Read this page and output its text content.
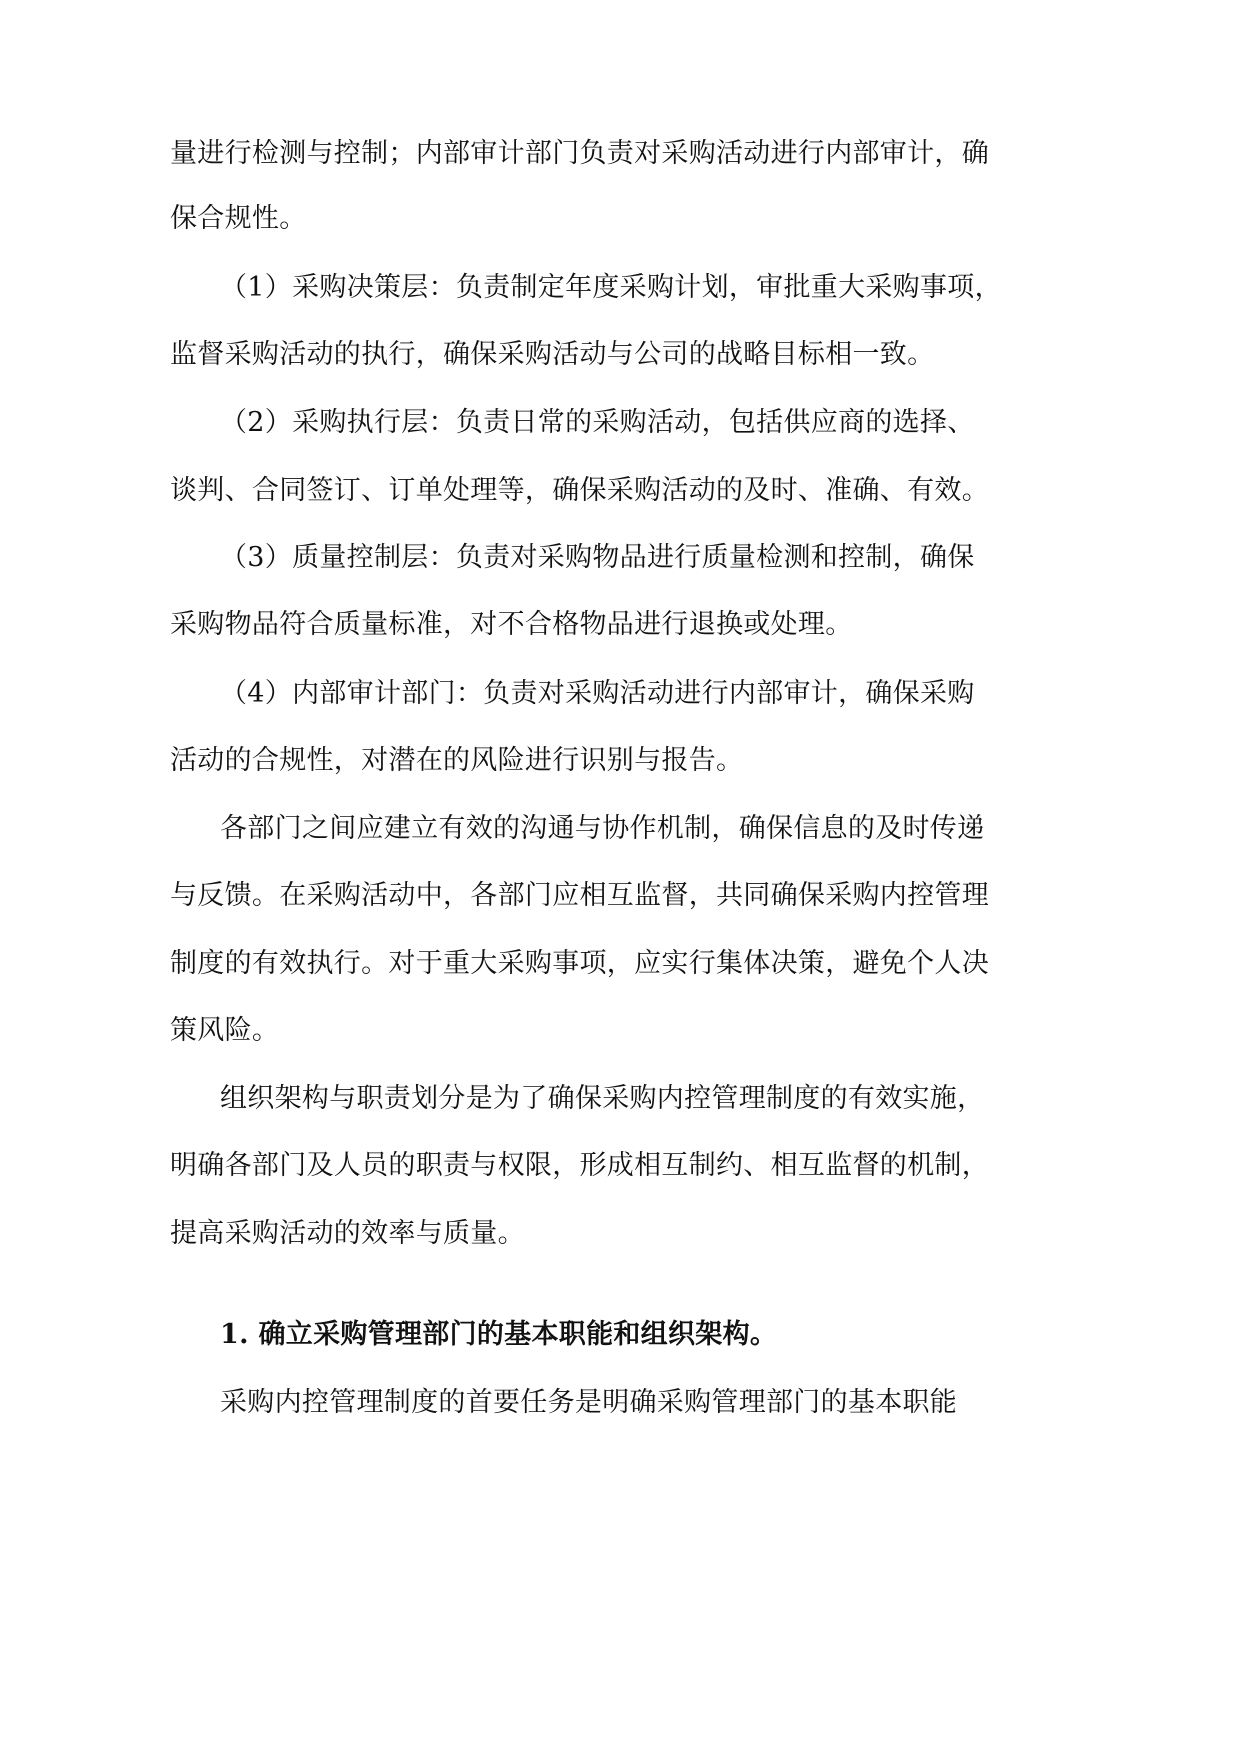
量进行检测与控制；内部审计部门负责对采购活动进行内部审计，确
保合规性。
（1）采购决策层：负责制定年度采购计划，审批重大采购事项，
监督采购活动的执行，确保采购活动与公司的战略目标相一致。
（2）采购执行层：负责日常的采购活动，包括供应商的选择、
谈判、合同签订、订单处理等，确保采购活动的及时、准确、有效。
（3）质量控制层：负责对采购物品进行质量检测和控制，确保
采购物品符合质量标准，对不合格物品进行退换或处理。
（4）内部审计部门：负责对采购活动进行内部审计，确保采购
活动的合规性，对潜在的风险进行识别与报告。
各部门之间应建立有效的沟通与协作机制，确保信息的及时传递
与反馈。在采购活动中，各部门应相互监督，共同确保采购内控管理
制度的有效执行。对于重大采购事项，应实行集体决策，避免个人决
策风险。
组织架构与职责划分是为了确保采购内控管理制度的有效实施，
明确各部门及人员的职责与权限，形成相互制约、相互监督的机制，
提高采购活动的效率与质量。
1. 确立采购管理部门的基本职能和组织架构。
采购内控管理制度的首要任务是明确采购管理部门的基本职能
